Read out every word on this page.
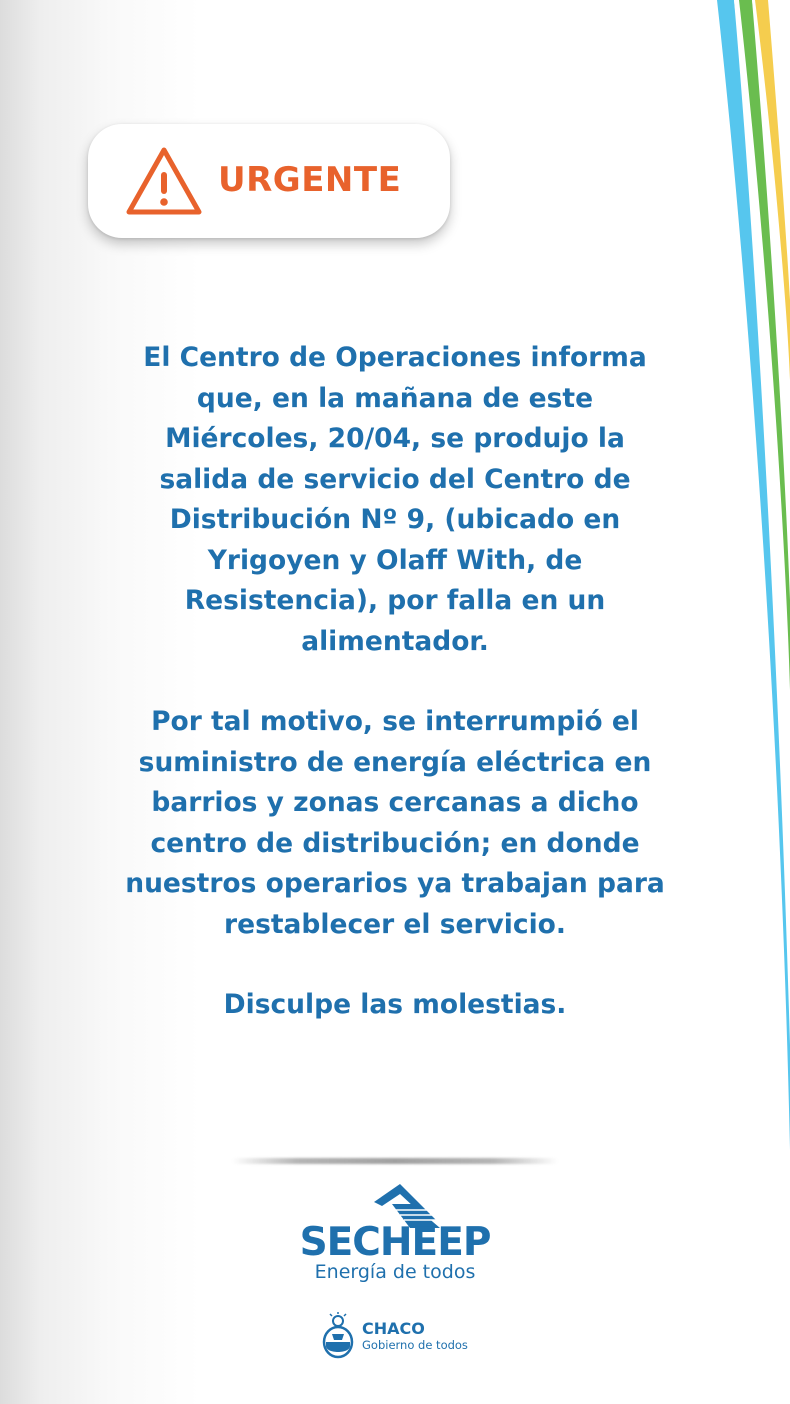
URGENTE

El Centro de Operaciones informa que, en la mañana de este Miércoles, 20/04, se produjo la salida de servicio del Centro de Distribución Nº 9, (ubicado en Yrigoyen y Olaff With, de Resistencia), por falla en un alimentador.

Por tal motivo, se interrumpió el suministro de energía eléctrica en barrios y zonas cercanas a dicho centro de distribución; en donde nuestros operarios ya trabajan para restablecer el servicio.

Disculpe las molestias.

SECHEEP
Energía de todos
CHACO
Gobierno de todos
